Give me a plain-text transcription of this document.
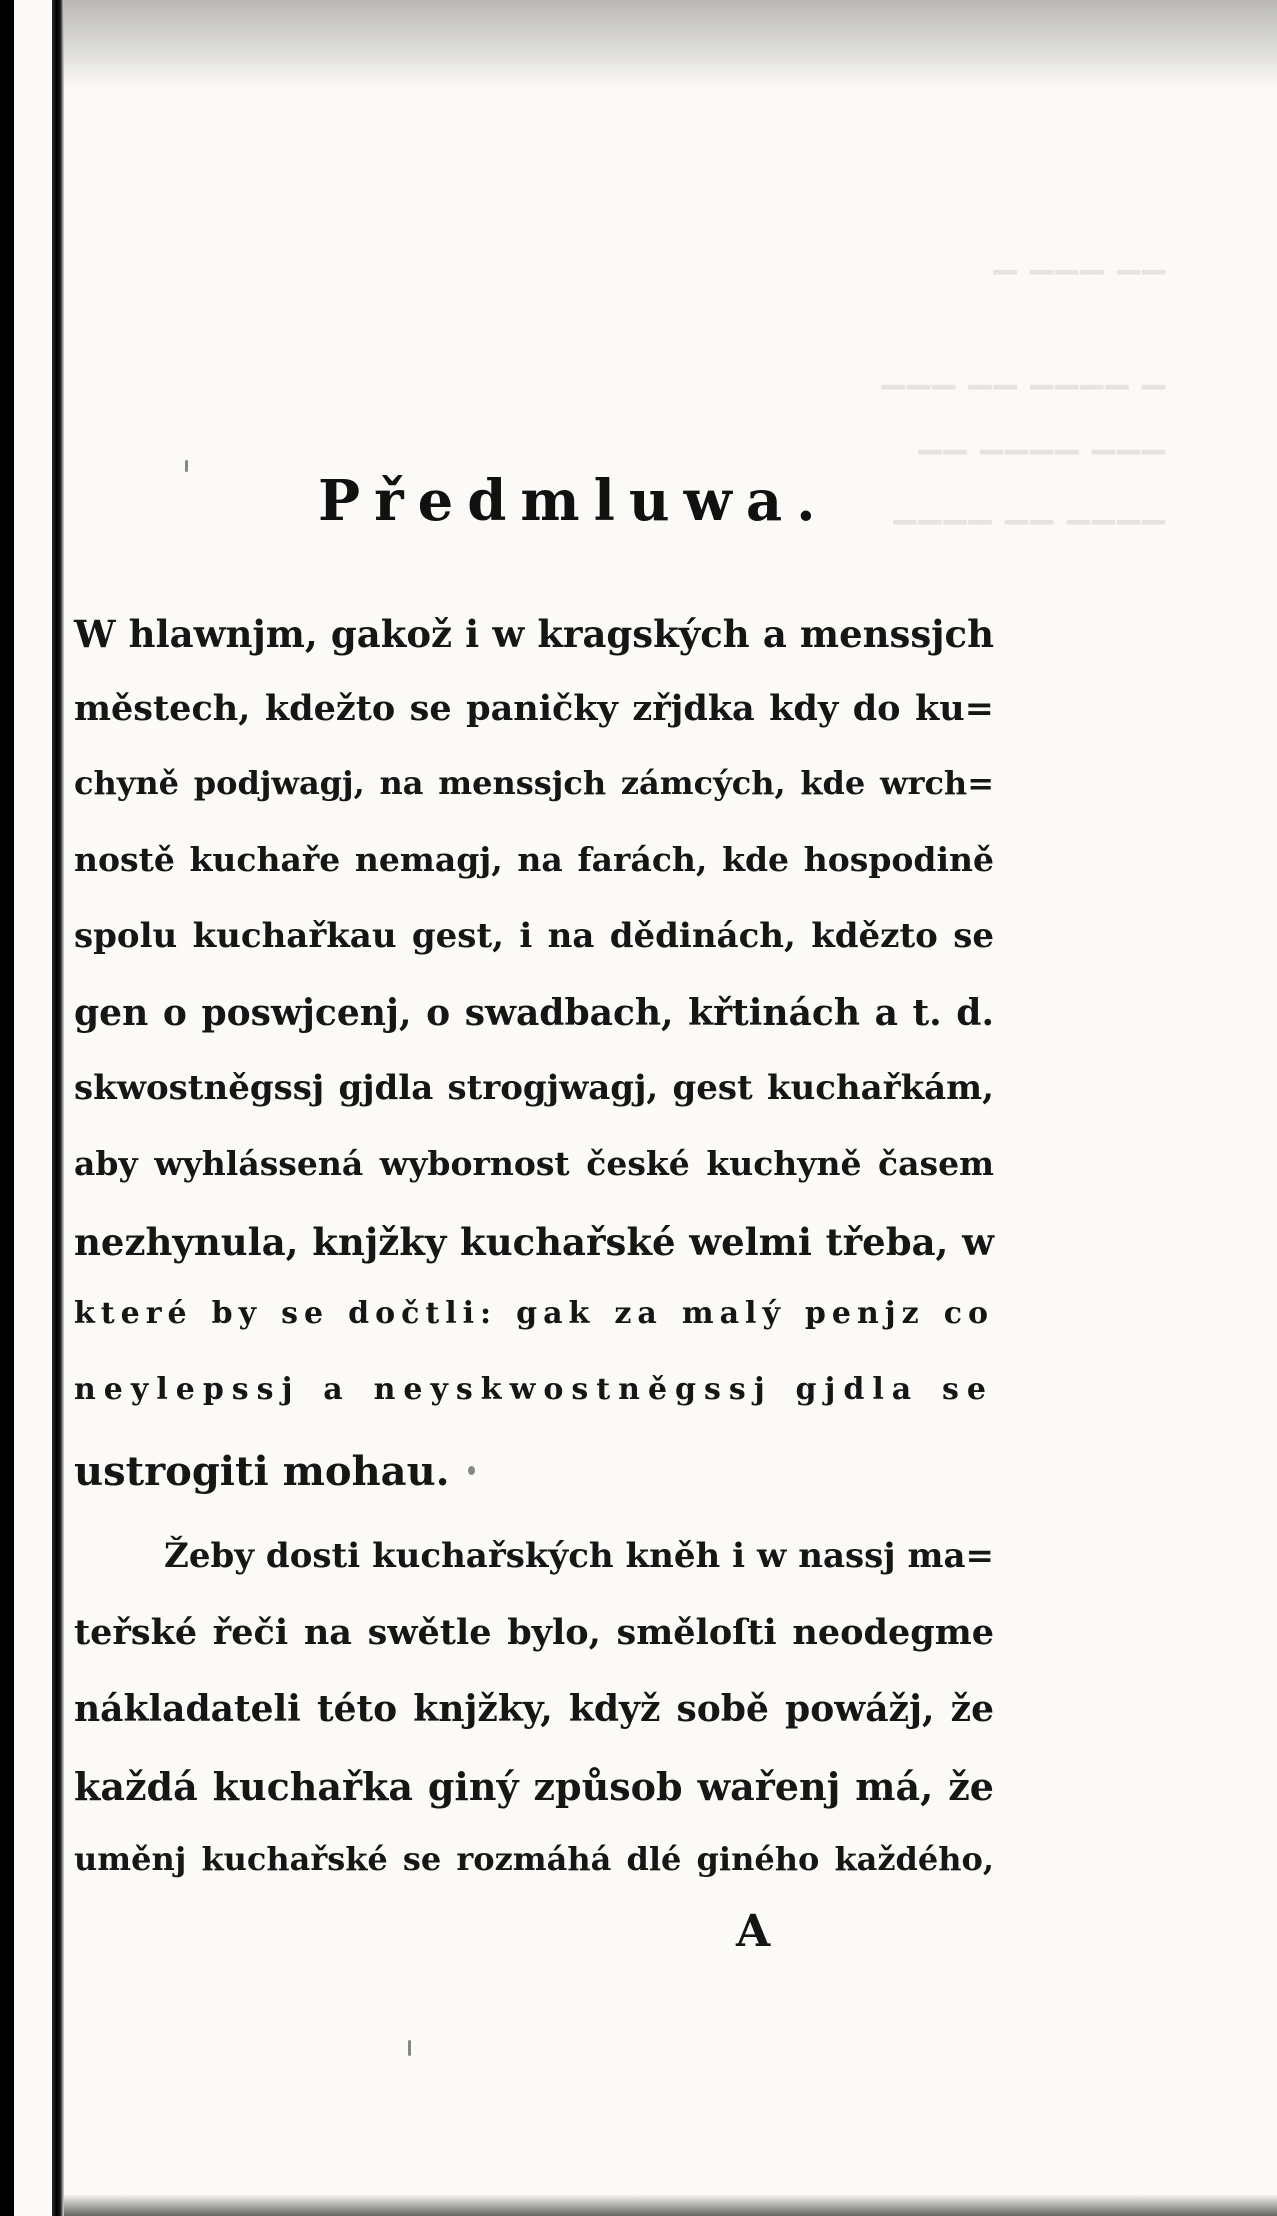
▁ ▁▁▁ ▁▁
▁▁▁ ▁▁ ▁▁▁▁ ▁
▁▁ ▁▁▁▁ ▁▁▁
▁▁▁▁ ▁▁ ▁▁▁▁
Předmluwa.
W hlawnjm, gakož i w kragských a menssjch
městech, kdežto se paničky zřjdka kdy do ku=
chyně podjwagj, na menssjch zámcých, kde wrch=
nostě kuchaře nemagj, na farách, kde hospodině
spolu kuchařkau gest, i na dědinách, kdězto se
gen o poswjcenj, o swadbach, křtinách a t. d.
skwostněgssj gjdla strogjwagj, gest kuchařkám,
aby wyhlássená wybornost české kuchyně časem
nezhynula, knjžky kuchařské welmi třeba, w
které by se dočtli: gak za malý penjz co
neylepssj a neyskwostněgssj gjdla se
ustrogiti mohau.
Žeby dosti kuchařských kněh i w nassj ma=
teřské řeči na swětle bylo, směloſti neodegme
nákladateli této knjžky, když sobě powážj, že
každá kuchařka giný způsob wařenj má, že
uměnj kuchařské se rozmáhá dlé giného každého,
A
